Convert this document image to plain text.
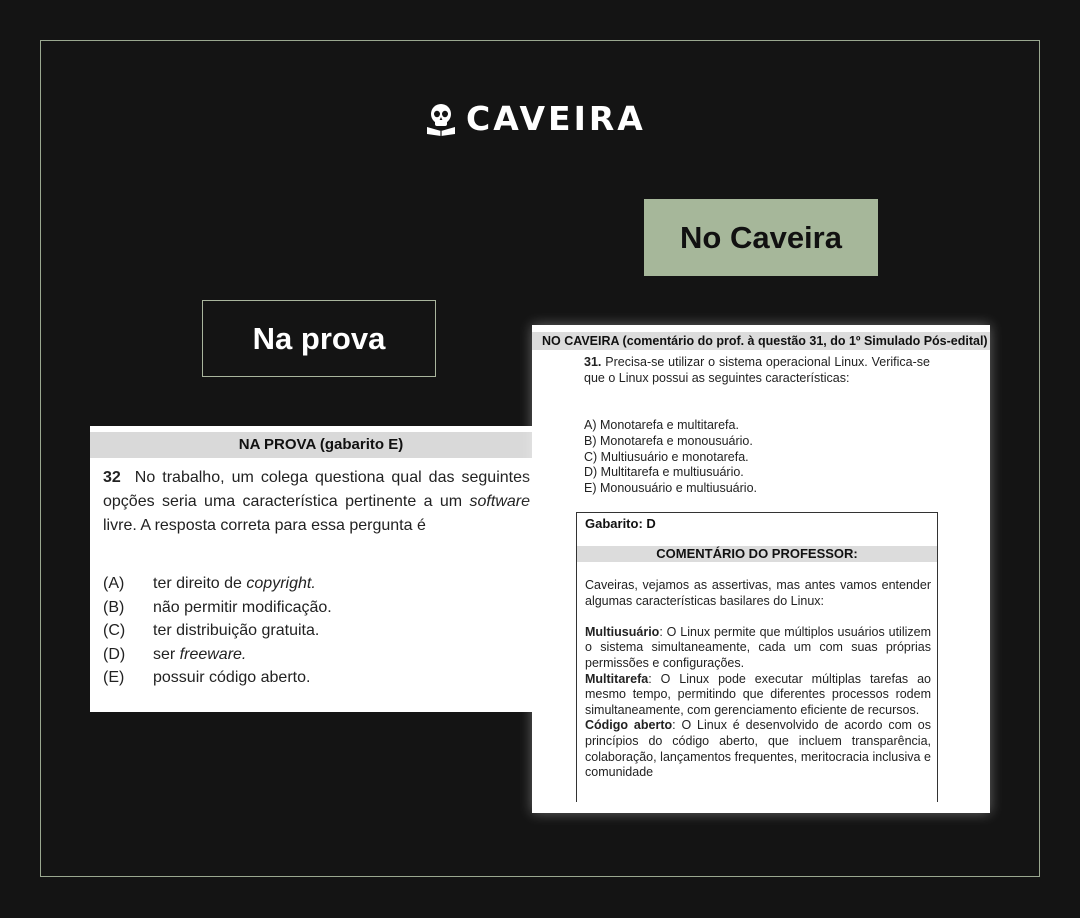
CAVEIRA
Na prova
No Caveira
NA PROVA (gabarito E)
32 No trabalho, um colega questiona qual das seguintes opções seria uma característica pertinente a um software livre. A resposta correta para essa pergunta é
(A)	ter direito de copyright.
(B)	não permitir modificação.
(C)	ter distribuição gratuita.
(D)	ser freeware.
(E)	possuir código aberto.
NO CAVEIRA (comentário do prof. à questão 31, do 1º Simulado Pós-edital)
31. Precisa-se utilizar o sistema operacional Linux. Verifica-se que o Linux possui as seguintes características:
A) Monotarefa e multitarefa.
B) Monotarefa e monousuário.
C) Multiusuário e monotarefa.
D) Multitarefa e multiusuário.
E) Monousuário e multiusuário.
Gabarito: D
COMENTÁRIO DO PROFESSOR:

Caveiras, vejamos as assertivas, mas antes vamos entender algumas características basilares do Linux:

Multiusuário: O Linux permite que múltiplos usuários utilizem o sistema simultaneamente, cada um com suas próprias permissões e configurações.

Multitarefa: O Linux pode executar múltiplas tarefas ao mesmo tempo, permitindo que diferentes processos rodem simultaneamente, com gerenciamento eficiente de recursos.

Código aberto: O Linux é desenvolvido de acordo com os princípios do código aberto, que incluem transparência, colaboração, lançamentos frequentes, meritocracia inclusiva e comunidade
